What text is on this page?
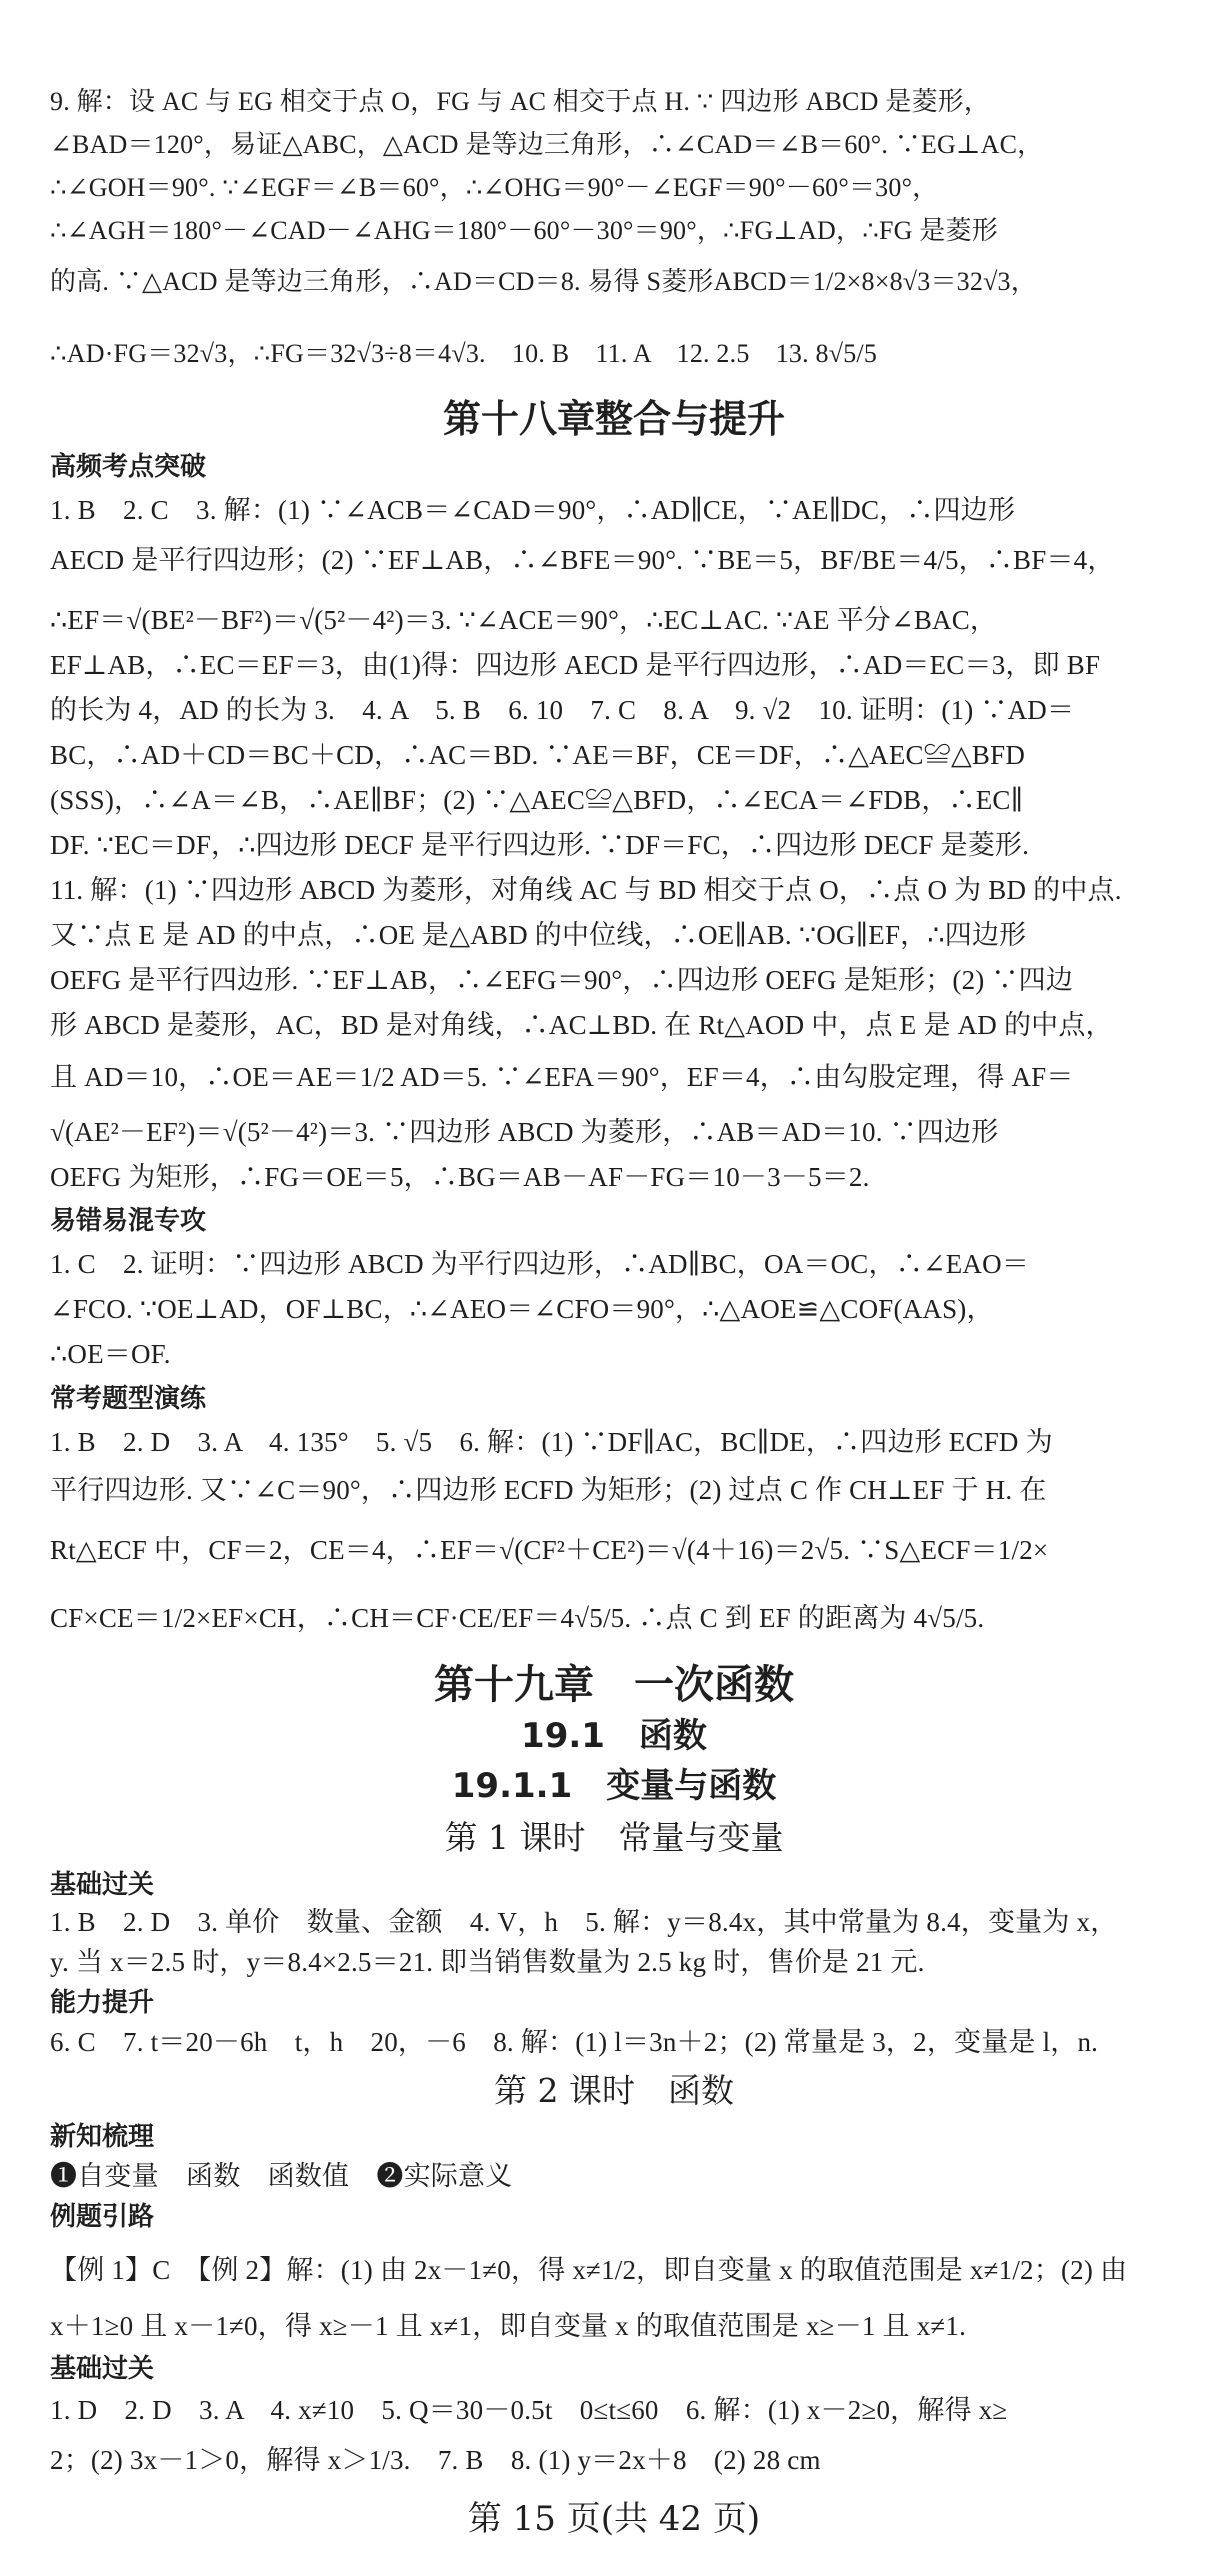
9. 解：设 AC 与 EG 相交于点 O，FG 与 AC 相交于点 H. ∵ 四边形 ABCD 是菱形，
∠BAD＝120°，易证△ABC，△ACD 是等边三角形，∴∠CAD＝∠B＝60°. ∵EG⊥AC，
∴∠GOH＝90°. ∵∠EGF＝∠B＝60°，∴∠OHG＝90°－∠EGF＝90°－60°＝30°，
∴∠AGH＝180°－∠CAD－∠AHG＝180°－60°－30°＝90°，∴FG⊥AD，∴FG 是菱形
的高. ∵△ACD 是等边三角形，∴AD＝CD＝8. 易得 S菱形ABCD＝1/2×8×8√3＝32√3，
∴AD·FG＝32√3，∴FG＝32√3÷8＝4√3.　10. B　11. A　12. 2.5　13. 8√5/5
第十八章整合与提升
高频考点突破
1. B　2. C　3. 解：(1) ∵∠ACB＝∠CAD＝90°，∴AD∥CE，∵AE∥DC，∴四边形
AECD 是平行四边形；(2) ∵EF⊥AB，∴∠BFE＝90°. ∵BE＝5，BF/BE＝4/5，∴BF＝4，
∴EF＝√(BE²－BF²)＝√(5²－4²)＝3. ∵∠ACE＝90°，∴EC⊥AC. ∵AE 平分∠BAC，
EF⊥AB，∴EC＝EF＝3，由(1)得：四边形 AECD 是平行四边形，∴AD＝EC＝3，即 BF
的长为 4，AD 的长为 3.　4. A　5. B　6. 10　7. C　8. A　9. √2　10. 证明：(1) ∵AD＝
BC，∴AD＋CD＝BC＋CD，∴AC＝BD. ∵AE＝BF，CE＝DF，∴△AEC≌△BFD
(SSS)，∴∠A＝∠B，∴AE∥BF；(2) ∵△AEC≌△BFD，∴∠ECA＝∠FDB，∴EC∥
DF. ∵EC＝DF，∴四边形 DECF 是平行四边形. ∵DF＝FC，∴四边形 DECF 是菱形.
11. 解：(1) ∵四边形 ABCD 为菱形，对角线 AC 与 BD 相交于点 O，∴点 O 为 BD 的中点.
又∵点 E 是 AD 的中点，∴OE 是△ABD 的中位线，∴OE∥AB. ∵OG∥EF，∴四边形
OEFG 是平行四边形. ∵EF⊥AB，∴∠EFG＝90°，∴四边形 OEFG 是矩形；(2) ∵四边
形 ABCD 是菱形，AC，BD 是对角线，∴AC⊥BD. 在 Rt△AOD 中，点 E 是 AD 的中点，
且 AD＝10，∴OE＝AE＝1/2 AD＝5. ∵∠EFA＝90°，EF＝4，∴由勾股定理，得 AF＝
√(AE²－EF²)＝√(5²－4²)＝3. ∵四边形 ABCD 为菱形，∴AB＝AD＝10. ∵四边形
OEFG 为矩形，∴FG＝OE＝5，∴BG＝AB－AF－FG＝10－3－5＝2.
易错易混专攻
1. C　2. 证明：∵四边形 ABCD 为平行四边形，∴AD∥BC，OA＝OC，∴∠EAO＝
∠FCO. ∵OE⊥AD，OF⊥BC，∴∠AEO＝∠CFO＝90°，∴△AOE≌△COF(AAS)，
∴OE＝OF.
常考题型演练
1. B　2. D　3. A　4. 135°　5. √5　6. 解：(1) ∵DF∥AC，BC∥DE，∴四边形 ECFD 为
平行四边形. 又∵∠C＝90°，∴四边形 ECFD 为矩形；(2) 过点 C 作 CH⊥EF 于 H. 在
Rt△ECF 中，CF＝2，CE＝4，∴EF＝√(CF²＋CE²)＝√(4＋16)＝2√5. ∵S△ECF＝1/2×
CF×CE＝1/2×EF×CH，∴CH＝CF·CE/EF＝4√5/5. ∴点 C 到 EF 的距离为 4√5/5.
第十九章　一次函数
19.1　函数
19.1.1　变量与函数
第 1 课时　常量与变量
基础过关
1. B　2. D　3. 单价　数量、金额　4. V，h　5. 解：y＝8.4x，其中常量为 8.4，变量为 x，
y. 当 x＝2.5 时，y＝8.4×2.5＝21. 即当销售数量为 2.5 kg 时，售价是 21 元.
能力提升
6. C　7. t＝20－6h　t，h　20，－6　8. 解：(1) l＝3n＋2；(2) 常量是 3，2，变量是 l，n.
第 2 课时　函数
新知梳理
❶自变量　函数　函数值　❷实际意义
例题引路
【例 1】C　【例 2】解：(1) 由 2x－1≠0，得 x≠1/2，即自变量 x 的取值范围是 x≠1/2；(2) 由
x＋1≥0 且 x－1≠0，得 x≥－1 且 x≠1，即自变量 x 的取值范围是 x≥－1 且 x≠1.
基础过关
1. D　2. D　3. A　4. x≠10　5. Q＝30－0.5t　0≤t≤60　6. 解：(1) x－2≥0，解得 x≥
2；(2) 3x－1＞0，解得 x＞1/3.　7. B　8. (1) y＝2x＋8　(2) 28 cm
第 15 页(共 42 页)
